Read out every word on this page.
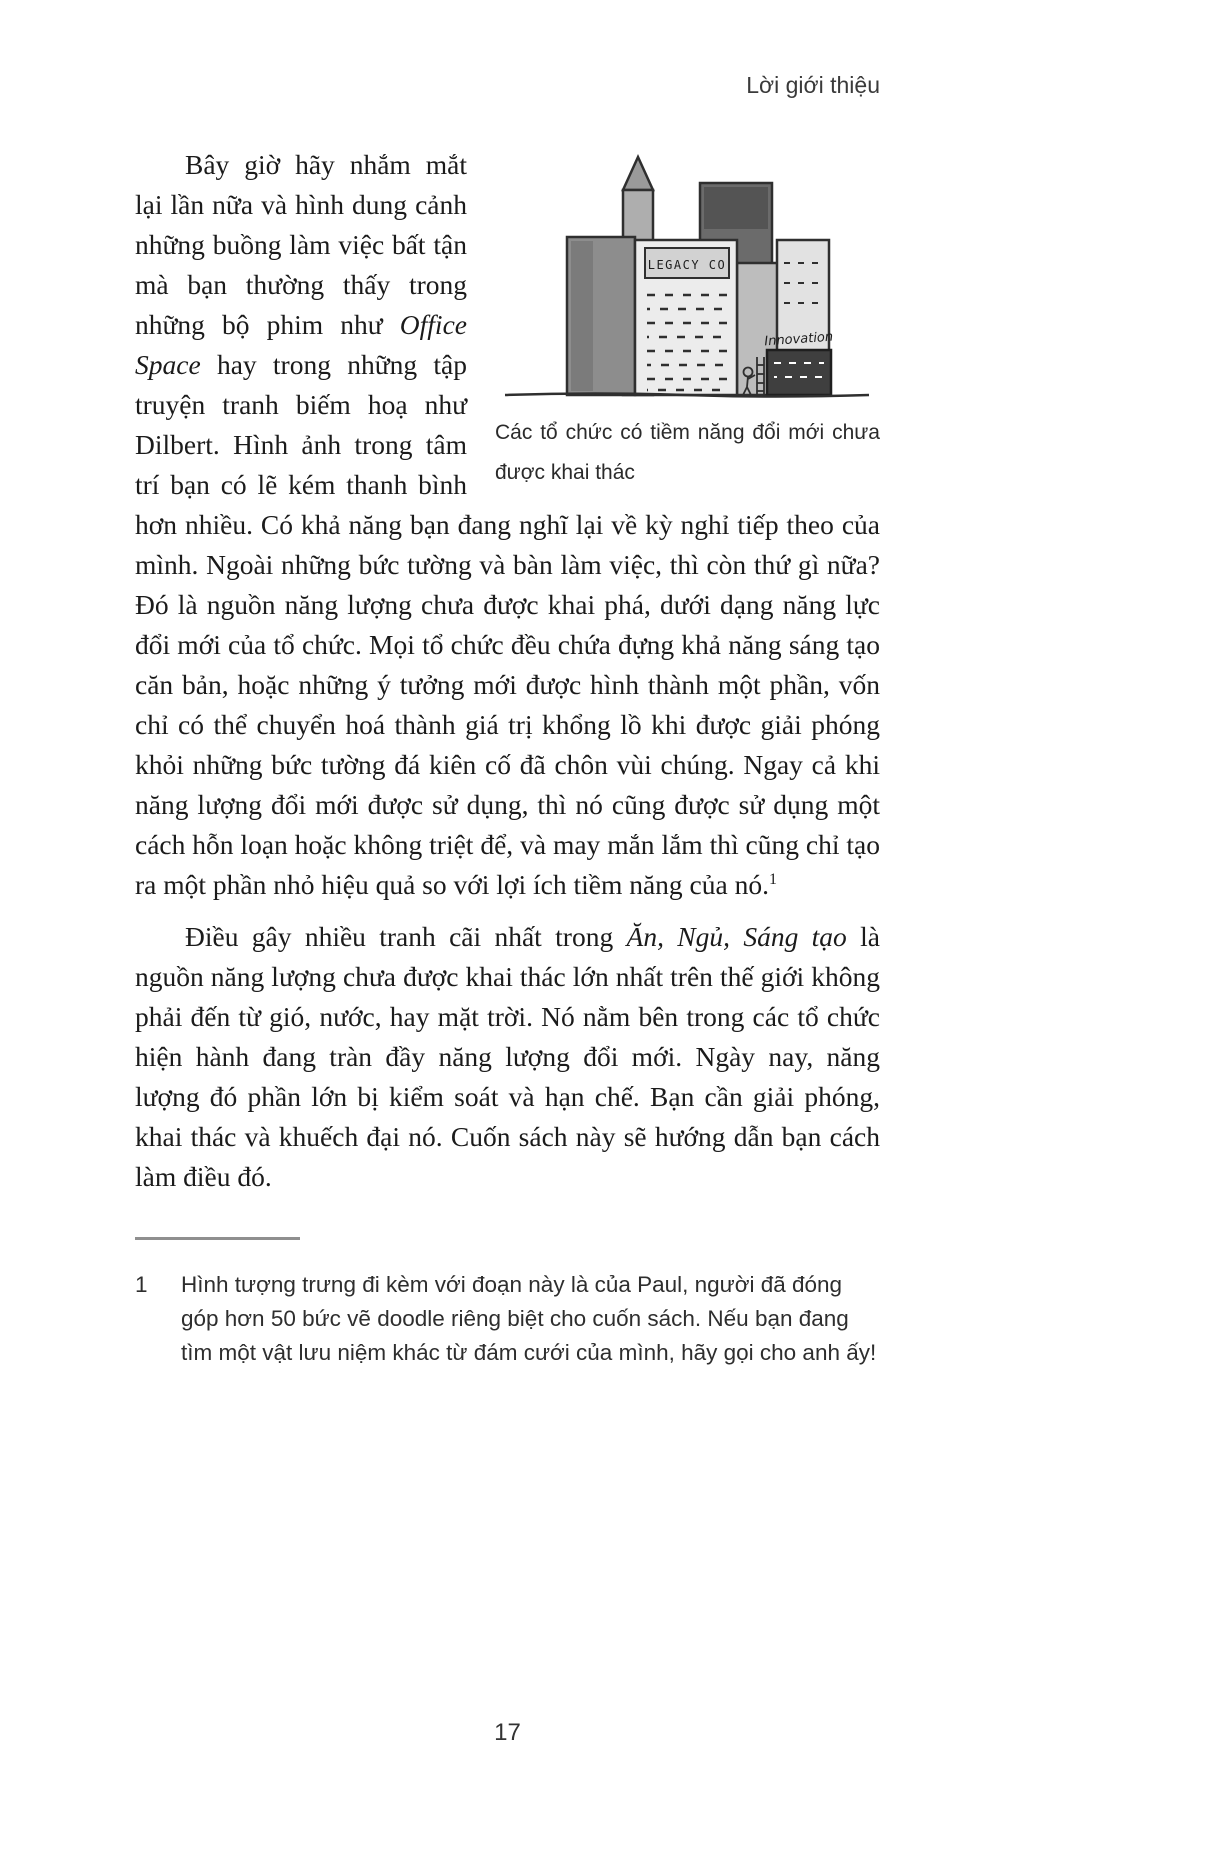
Lời giới thiệu

LEGACY CO
Innovation
Các tổ chức có tiềm năng đổi mới chưa được khai thác
Bây giờ hãy nhắm mắt lại lần nữa và hình dung cảnh những buồng làm việc bất tận mà bạn thường thấy trong những bộ phim như Office Space hay trong những tập truyện tranh biếm hoạ như Dilbert. Hình ảnh trong tâm trí bạn có lẽ kém thanh bình hơn nhiều. Có khả năng bạn đang nghĩ lại về kỳ nghỉ tiếp theo của mình. Ngoài những bức tường và bàn làm việc, thì còn thứ gì nữa? Đó là nguồn năng lượng chưa được khai phá, dưới dạng năng lực đổi mới của tổ chức. Mọi tổ chức đều chứa đựng khả năng sáng tạo căn bản, hoặc những ý tưởng mới được hình thành một phần, vốn chỉ có thể chuyển hoá thành giá trị khổng lồ khi được giải phóng khỏi những bức tường đá kiên cố đã chôn vùi chúng. Ngay cả khi năng lượng đổi mới được sử dụng, thì nó cũng được sử dụng một cách hỗn loạn hoặc không triệt để, và may mắn lắm thì cũng chỉ tạo ra một phần nhỏ hiệu quả so với lợi ích tiềm năng của nó.$^1$

Điều gây nhiều tranh cãi nhất trong Ăn, Ngủ, Sáng tạo là nguồn năng lượng chưa được khai thác lớn nhất trên thế giới không phải đến từ gió, nước, hay mặt trời. Nó nằm bên trong các tổ chức hiện hành đang tràn đầy năng lượng đổi mới. Ngày nay, năng lượng đó phần lớn bị kiểm soát và hạn chế. Bạn cần giải phóng, khai thác và khuếch đại nó. Cuốn sách này sẽ hướng dẫn bạn cách làm điều đó.

1	Hình tượng trưng đi kèm với đoạn này là của Paul, người đã đóng góp hơn 50 bức vẽ doodle riêng biệt cho cuốn sách. Nếu bạn đang tìm một vật lưu niệm khác từ đám cưới của mình, hãy gọi cho anh ấy!
17
